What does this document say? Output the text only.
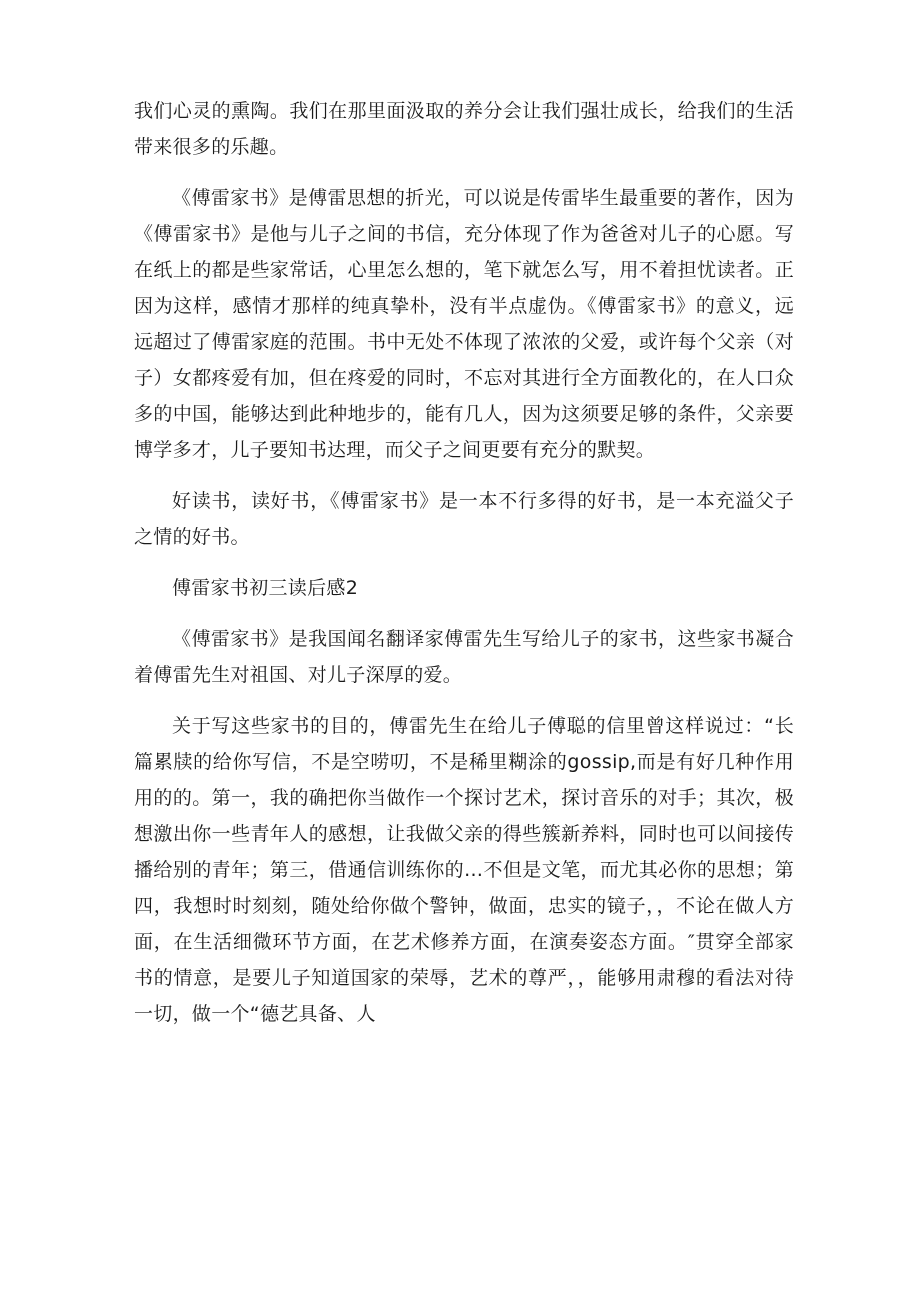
我们心灵的熏陶。我们在那里面汲取的养分会让我们强壮成长，给我们的生活带来很多的乐趣。

《傅雷家书》是傅雷思想的折光，可以说是传雷毕生最重要的著作，因为《傅雷家书》是他与儿子之间的书信，充分体现了作为爸爸对儿子的心愿。写在纸上的都是些家常话，心里怎么想的，笔下就怎么写，用不着担忧读者。正因为这样，感情才那样的纯真挚朴，没有半点虚伪。《傅雷家书》的意义，远远超过了傅雷家庭的范围。书中无处不体现了浓浓的父爱，或许每个父亲（对子）女都疼爱有加，但在疼爱的同时，不忘对其进行全方面教化的，在人口众多的中国，能够达到此种地步的，能有几人，因为这须要足够的条件，父亲要博学多才，儿子要知书达理，而父子之间更要有充分的默契。

好读书，读好书，《傅雷家书》是一本不行多得的好书，是一本充溢父子之情的好书。

傅雷家书初三读后感2

《傅雷家书》是我国闻名翻译家傅雷先生写给儿子的家书，这些家书凝合着傅雷先生对祖国、对儿子深厚的爱。

关于写这些家书的目的，傅雷先生在给儿子傅聪的信里曾这样说过：“长篇累牍的给你写信，不是空唠叨，不是稀里糊涂的gossip,而是有好几种作用用的的。第一，我的确把你当做作一个探讨艺术，探讨音乐的对手；其次，极想激出你一些青年人的感想，让我做父亲的得些簇新养料，同时也可以间接传播给别的青年；第三，借通信训练你的…不但是文笔，而尤其必你的思想；第四，我想时时刻刻，随处给你做个警钟，做面，忠实的镜子，，不论在做人方面，在生活细微环节方面，在艺术修养方面，在演奏姿态方面。″贯穿全部家书的情意，是要儿子知道国家的荣辱，艺术的尊严，，能够用肃穆的看法对待一切，做一个“德艺具备、人
